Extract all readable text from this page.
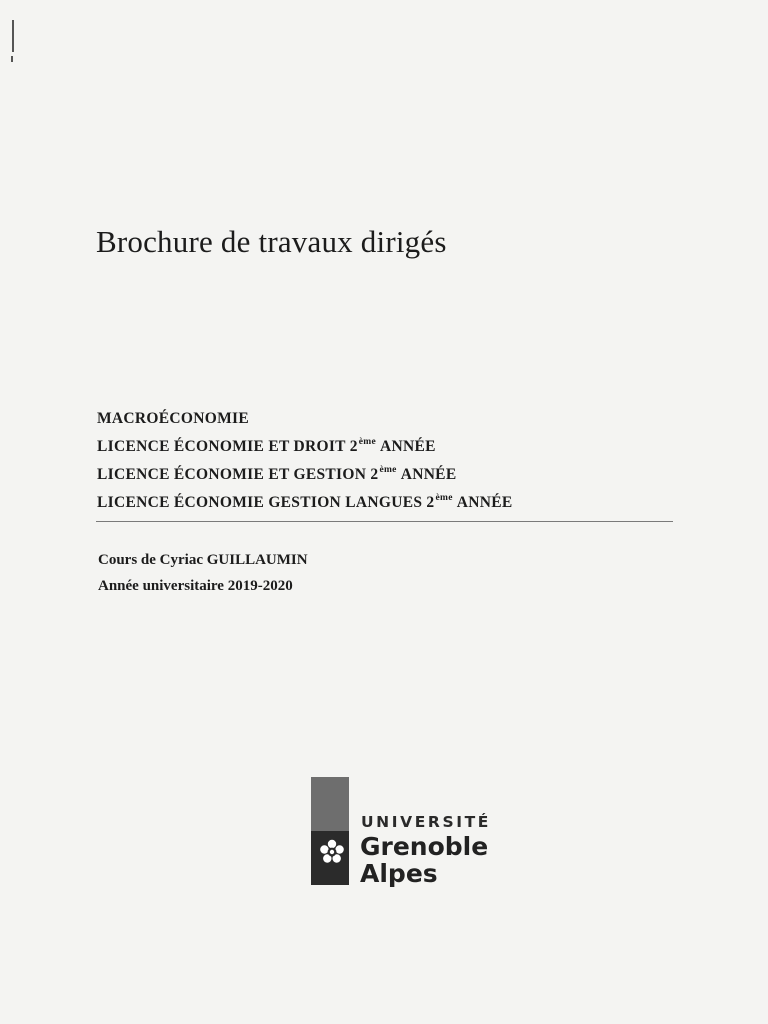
Brochure de travaux dirigés
MACROÉCONOMIE
LICENCE ÉCONOMIE ET DROIT 2ème ANNÉE
LICENCE ÉCONOMIE ET GESTION 2ème ANNÉE
LICENCE ÉCONOMIE GESTION LANGUES 2ème ANNÉE
Cours de Cyriac GUILLAUMIN
Année universitaire 2019-2020
UNIVERSITÉ
Grenoble
Alpes
